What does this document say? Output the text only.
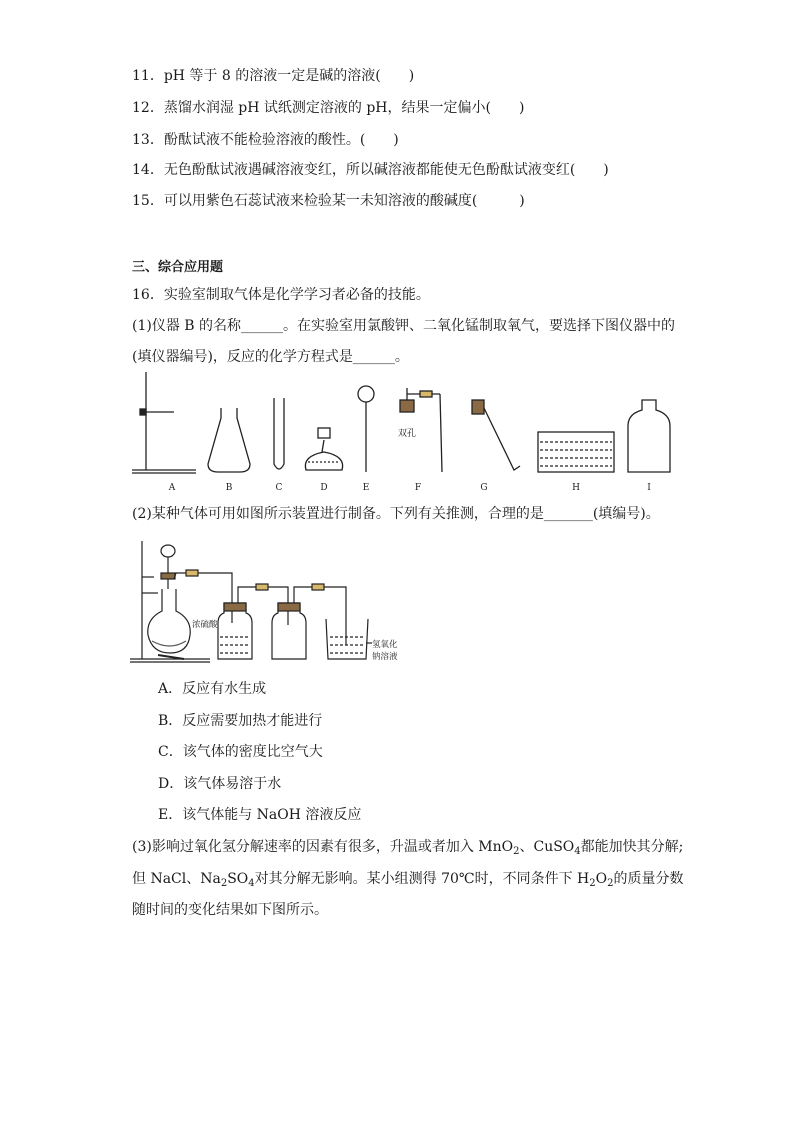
11．pH 等于 8 的溶液一定是碱的溶液(　　)
12．蒸馏水润湿 pH 试纸测定溶液的 pH，结果一定偏小(　　)
13．酚酞试液不能检验溶液的酸性。(　　)
14．无色酚酞试液遇碱溶液变红，所以碱溶液都能使无色酚酞试液变红(　　)
15．可以用紫色石蕊试液来检验某一未知溶液的酸碱度(　　　)
三、综合应用题
16．实验室制取气体是化学学习者必备的技能。
(1)仪器 B 的名称______。在实验室用氯酸钾、二氧化锰制取氧气，要选择下图仪器中的
(填仪器编号)，反应的化学方程式是______。
双孔
A	B	C	D	E	F	G	H	I
(2)某种气体可用如图所示装置进行制备。下列有关推测，合理的是_______(填编号)。
浓硫酸
氢氧化
钠溶液
A．反应有水生成
B．反应需要加热才能进行
C．该气体的密度比空气大
D．该气体易溶于水
E．该气体能与 NaOH 溶液反应
(3)影响过氧化氢分解速率的因素有很多，升温或者加入 MnO$_2$、CuSO$_4$都能加快其分解;
但 NaCl、$Na_2SO_4$对其分解无影响。某小组测得 70℃时，不同条件下 $H_2O_2$的质量分数
随时间的变化结果如下图所示。
